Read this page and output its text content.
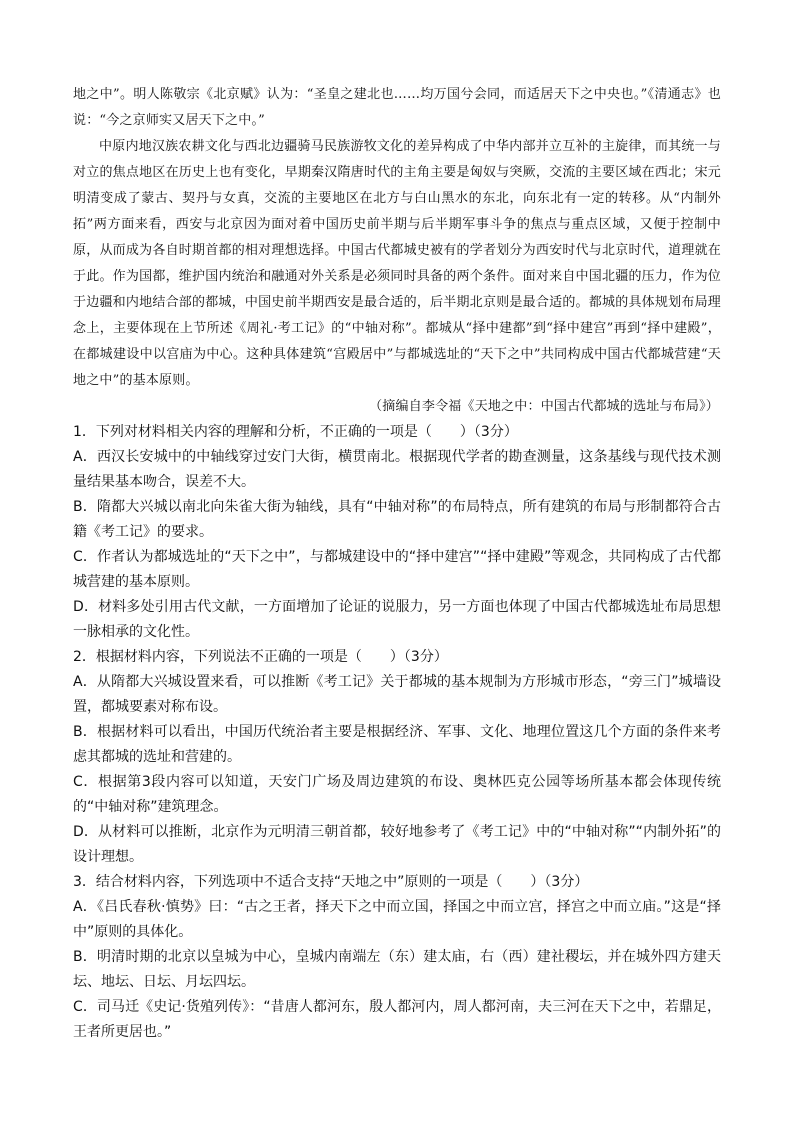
地之中”。明人陈敬宗《北京赋》认为：“圣皇之建北也……均万国兮会同，而适居天下之中央也。”《清通志》也说：“今之京师实又居天下之中。”

中原内地汉族农耕文化与西北边疆骑马民族游牧文化的差异构成了中华内部并立互补的主旋律，而其统一与对立的焦点地区在历史上也有变化，早期秦汉隋唐时代的主角主要是匈奴与突厥，交流的主要区域在西北；宋元明清变成了蒙古、契丹与女真，交流的主要地区在北方与白山黑水的东北，向东北有一定的转移。从“内制外拓”两方面来看，西安与北京因为面对着中国历史前半期与后半期军事斗争的焦点与重点区域，又便于控制中原，从而成为各自时期首都的相对理想选择。中国古代都城史被有的学者划分为西安时代与北京时代，道理就在于此。作为国都，维护国内统治和融通对外关系是必须同时具备的两个条件。面对来自中国北疆的压力，作为位于边疆和内地结合部的都城，中国史前半期西安是最合适的，后半期北京则是最合适的。都城的具体规划布局理念上，主要体现在上节所述《周礼·考工记》的“中轴对称”。都城从“择中建都”到“择中建宫”再到“择中建殿”，在都城建设中以宫庙为中心。这种具体建筑“宫殿居中”与都城选址的“天下之中”共同构成中国古代都城营建“天地之中”的基本原则。

（摘编自李令福《天地之中：中国古代都城的选址与布局》）

1．下列对材料相关内容的理解和分析，不正确的一项是（　　）（3分）

A．西汉长安城中的中轴线穿过安门大街，横贯南北。根据现代学者的勘查测量，这条基线与现代技术测量结果基本吻合，误差不大。

B．隋都大兴城以南北向朱雀大街为轴线，具有“中轴对称”的布局特点，所有建筑的布局与形制都符合古籍《考工记》的要求。

C．作者认为都城选址的“天下之中”，与都城建设中的“择中建宫”“择中建殿”等观念，共同构成了古代都城营建的基本原则。

D．材料多处引用古代文献，一方面增加了论证的说服力，另一方面也体现了中国古代都城选址布局思想一脉相承的文化性。

2．根据材料内容，下列说法不正确的一项是（　　）（3分）

A．从隋都大兴城设置来看，可以推断《考工记》关于都城的基本规制为方形城市形态，“旁三门”城墙设置，都城要素对称布设。

B．根据材料可以看出，中国历代统治者主要是根据经济、军事、文化、地理位置这几个方面的条件来考虑其都城的选址和营建的。

C．根据第3段内容可以知道，天安门广场及周边建筑的布设、奥林匹克公园等场所基本都会体现传统的“中轴对称”建筑理念。

D．从材料可以推断，北京作为元明清三朝首都，较好地参考了《考工记》中的“中轴对称”“内制外拓”的设计理想。

3．结合材料内容，下列选项中不适合支持“天地之中”原则的一项是（　　）（3分）

A．《吕氏春秋·慎势》曰：“古之王者，择天下之中而立国，择国之中而立宫，择宫之中而立庙。”这是“择中”原则的具体化。

B．明清时期的北京以皇城为中心，皇城内南端左（东）建太庙，右（西）建社稷坛，并在城外四方建天坛、地坛、日坛、月坛四坛。

C．司马迁《史记·货殖列传》：“昔唐人都河东，殷人都河内，周人都河南，夫三河在天下之中，若鼎足，王者所更居也。”
